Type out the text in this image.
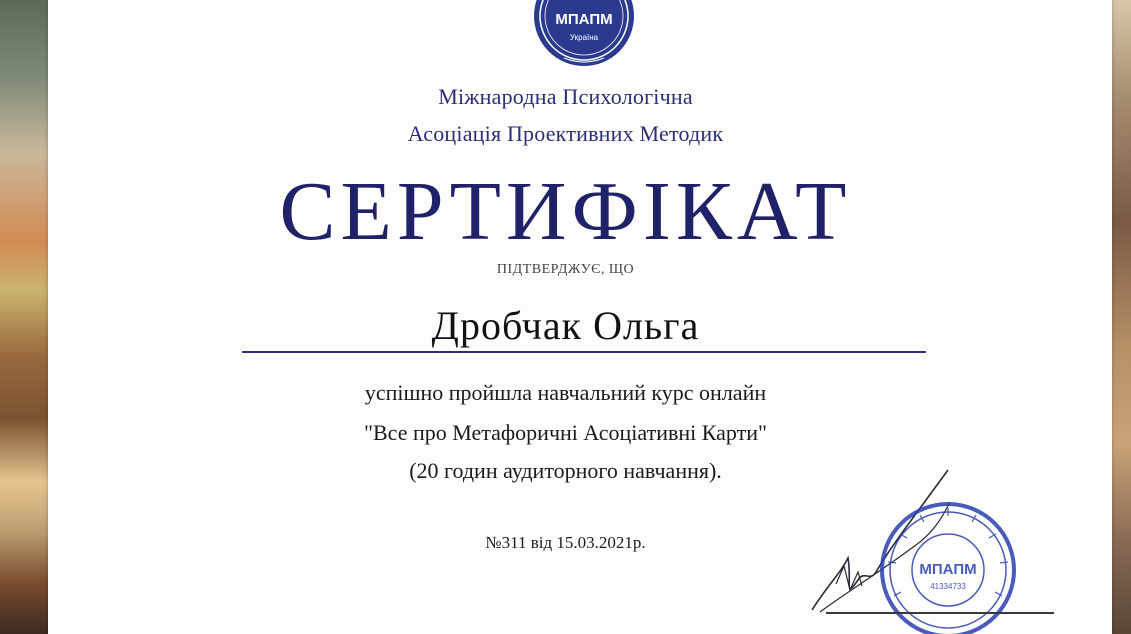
МПАПМ
Україна
Міжнародна Психологічна
Асоціація Проективних Методик
СЕРТИФІКАТ
ПІДТВЕРДЖУЄ, ЩО
Дробчак Ольга
успішно пройшла навчальний курс онлайн
"Все про Метафоричні Асоціативні Карти"
(20 годин аудиторного навчання).
№311 від 15.03.2021р.
МПАПМ
41334733
